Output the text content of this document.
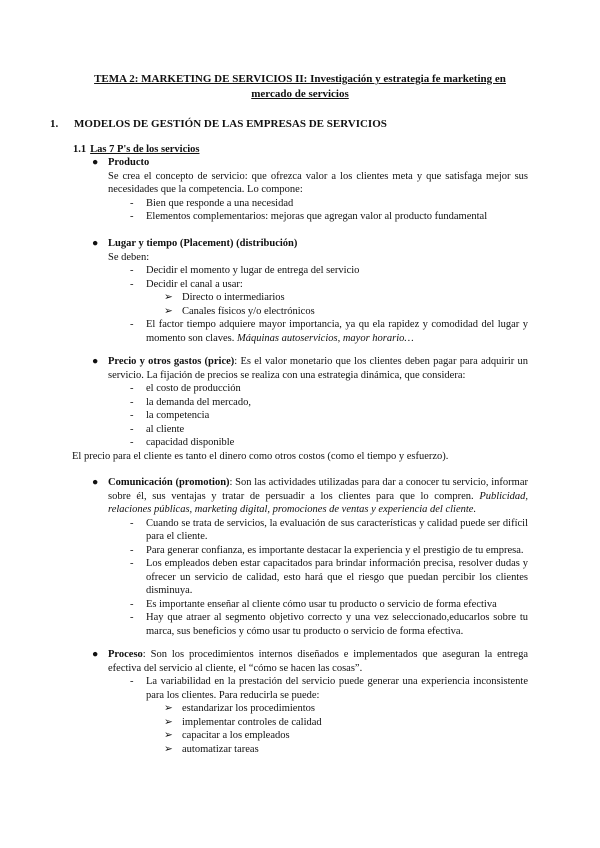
TEMA 2: MARKETING DE SERVICIOS II: Investigación y estrategia fe marketing en
mercado de servicios
1. MODELOS DE GESTIÓN DE LAS EMPRESAS DE SERVICIOS
1.1 Las 7 P's de los servicios
● Producto
Se crea el concepto de servicio: que ofrezca valor a los clientes meta y que satisfaga mejor sus necesidades que la competencia. Lo compone:
- Bien que responde a una necesidad
- Elementos complementarios: mejoras que agregan valor al producto fundamental
● Lugar y tiempo (Placement) (distribución)
Se deben:
- Decidir el momento y lugar de entrega del servicio
- Decidir el canal a usar:
➢ Directo o intermediarios
➢ Canales físicos y/o electrónicos
- El factor tiempo adquiere mayor importancia, ya qu ela rapidez y comodidad del lugar y momento son claves. Máquinas autoservicios, mayor horario…
● Precio y otros gastos (price): Es el valor monetario que los clientes deben pagar para adquirir un servicio. La fijación de precios se realiza con una estrategia dinámica, que considera:
- el costo de producción
- la demanda del mercado,
- la competencia
- al cliente
- capacidad disponible
El precio para el cliente es tanto el dinero como otros costos (como el tiempo y esfuerzo).
● Comunicación (promotion): Son las actividades utilizadas para dar a conocer tu servicio, informar sobre él, sus ventajas y tratar de persuadir a los clientes para que lo compren. Publicidad, relaciones públicas, marketing digital, promociones de ventas y experiencia del cliente.
- Cuando se trata de servicios, la evaluación de sus características y calidad puede ser difícil para el cliente.
- Para generar confianza, es importante destacar la experiencia y el prestigio de tu empresa.
- Los empleados deben estar capacitados para brindar información precisa, resolver dudas y ofrecer un servicio de calidad, esto hará que el riesgo que puedan percibir los clientes disminuya.
- Es importante enseñar al cliente cómo usar tu producto o servicio de forma efectiva
- Hay que atraer al segmento objetivo correcto y una vez seleccionado,educarlos sobre tu marca, sus beneficios y cómo usar tu producto o servicio de forma efectiva.
● Proceso: Son los procedimientos internos diseñados e implementados que aseguran la entrega efectiva del servicio al cliente, el “cómo se hacen las cosas”.
- La variabilidad en la prestación del servicio puede generar una experiencia inconsistente para los clientes. Para reducirla se puede:
➢ estandarizar los procedimientos
➢ implementar controles de calidad
➢ capacitar a los empleados
➢ automatizar tareas
